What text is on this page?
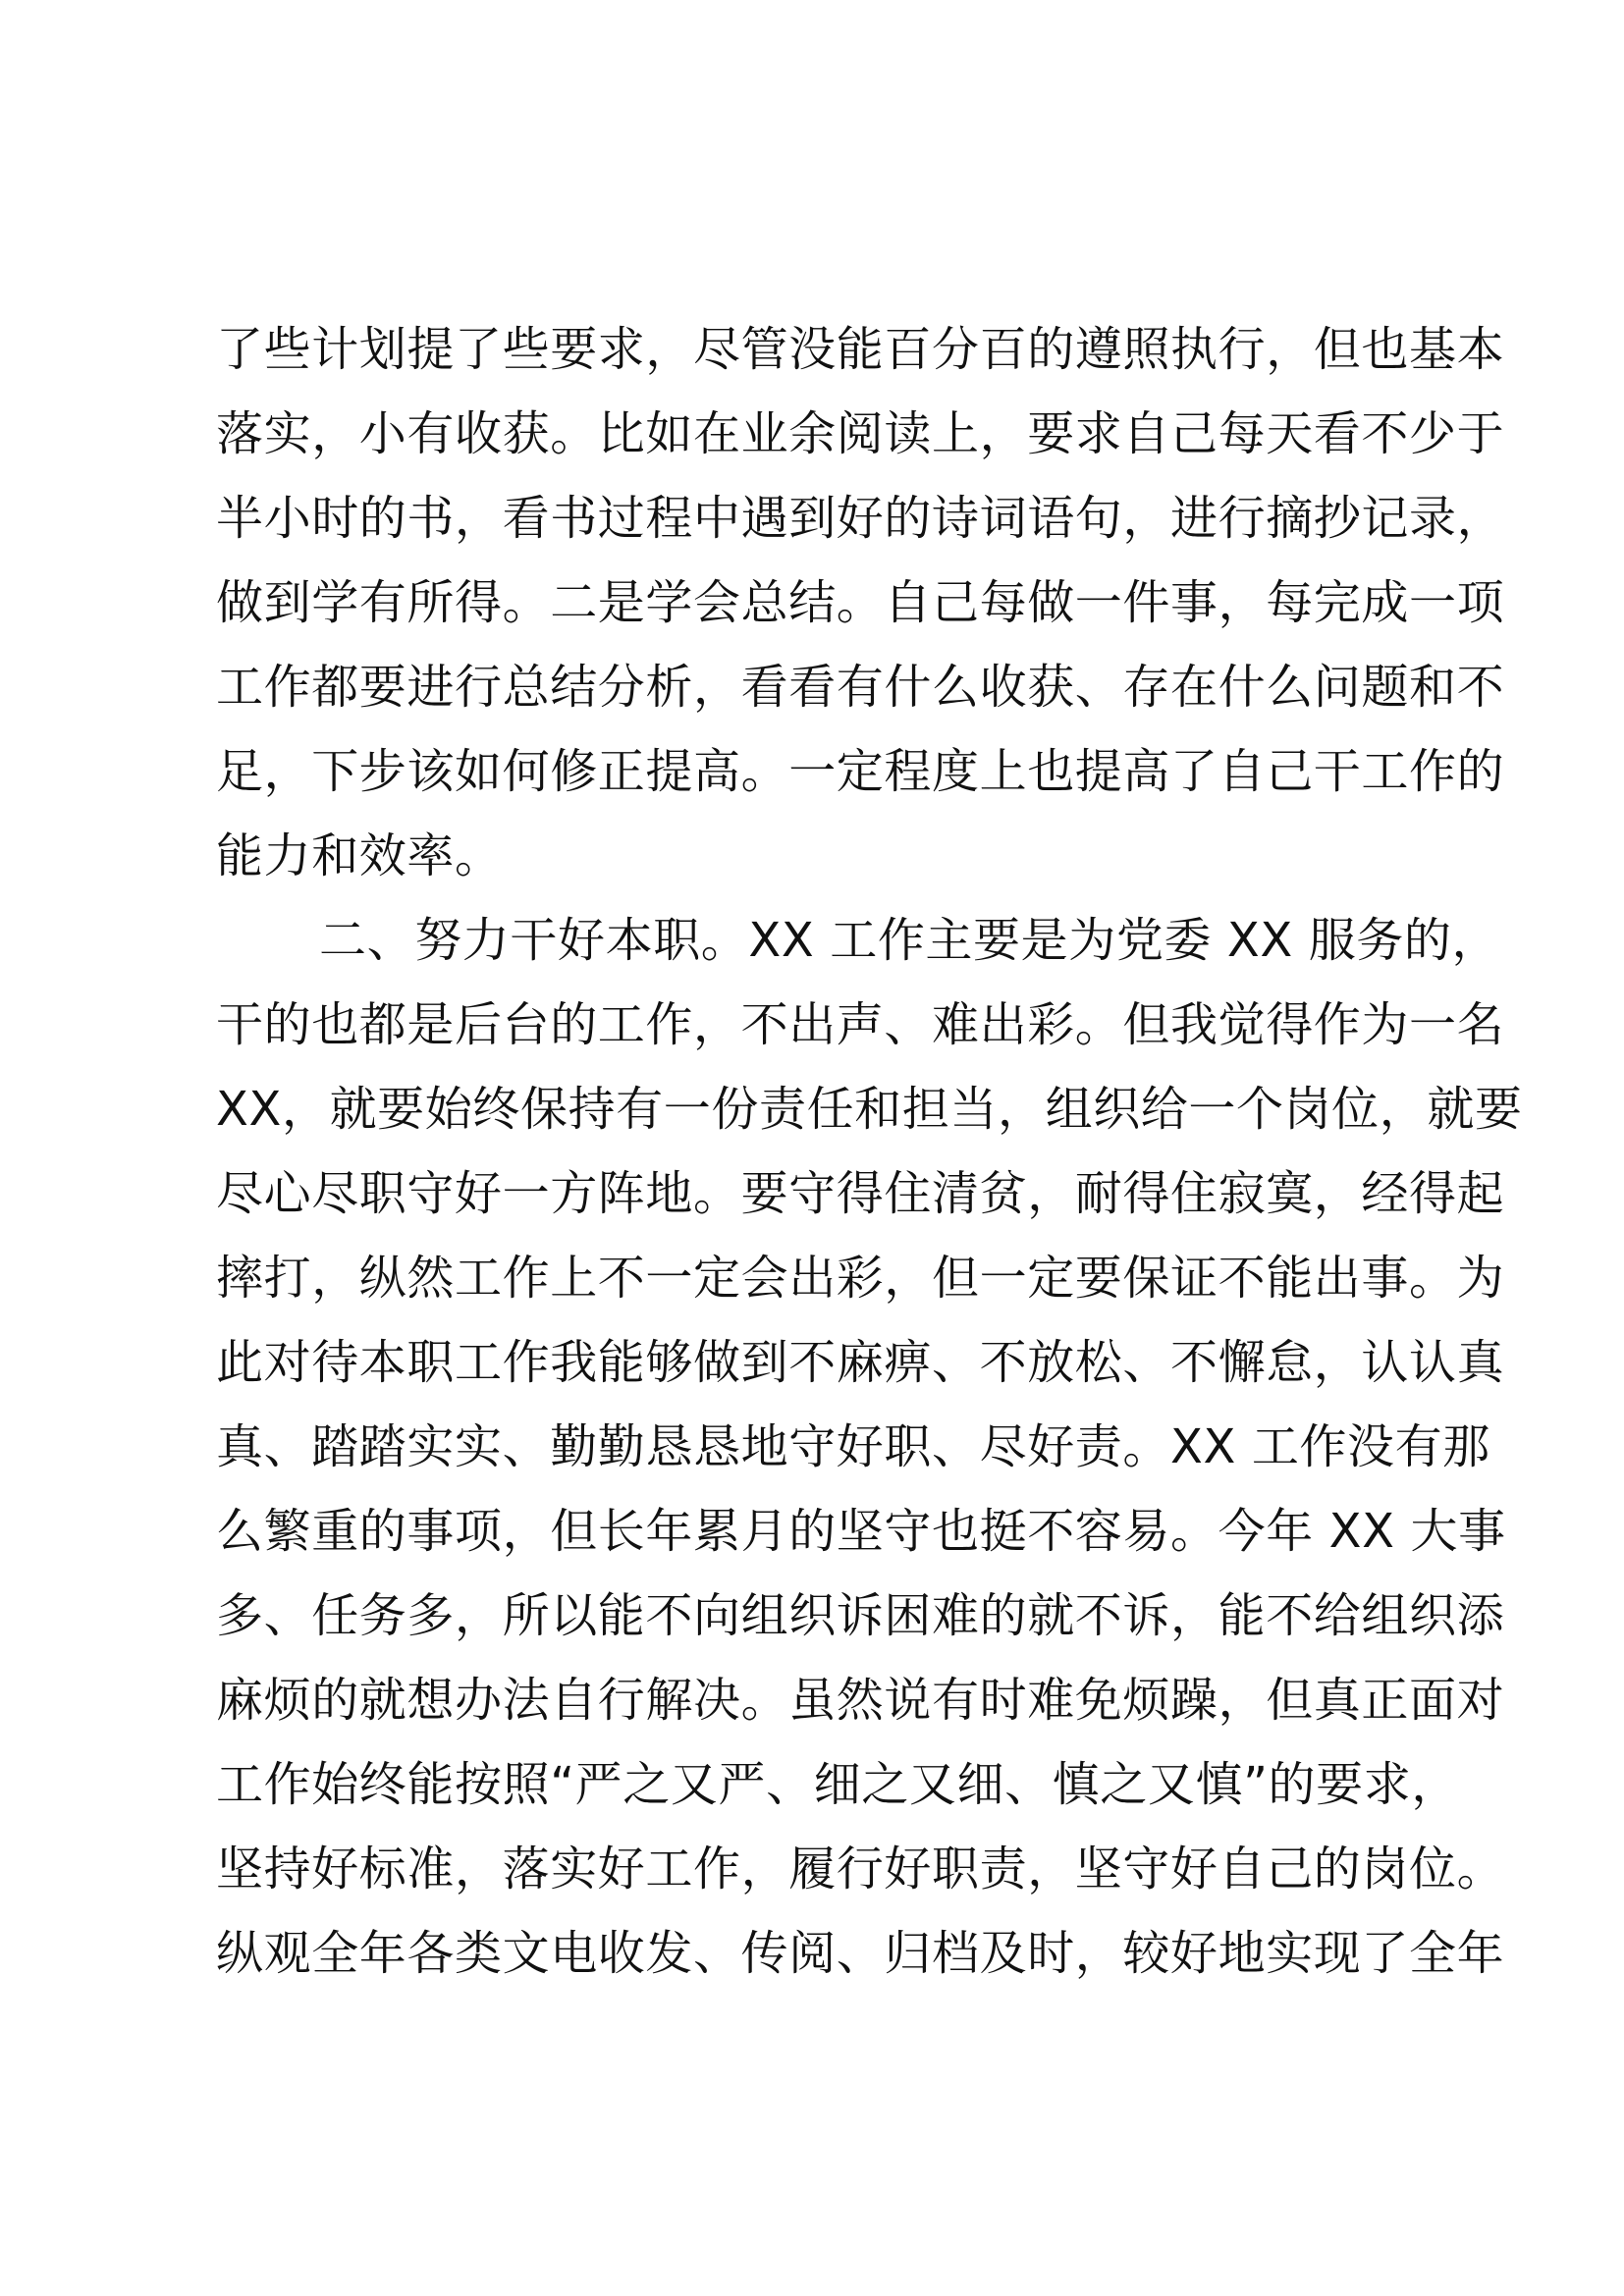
了些计划提了些要求，尽管没能百分百的遵照执行，但也基本
落实，小有收获。比如在业余阅读上，要求自己每天看不少于
半小时的书，看书过程中遇到好的诗词语句，进行摘抄记录，
做到学有所得。二是学会总结。自己每做一件事，每完成一项
工作都要进行总结分析，看看有什么收获、存在什么问题和不
足，下步该如何修正提高。一定程度上也提高了自己干工作的
能力和效率。
二、努力干好本职。XX 工作主要是为党委 XX 服务的，
干的也都是后台的工作，不出声、难出彩。但我觉得作为一名
XX，就要始终保持有一份责任和担当，组织给一个岗位，就要
尽心尽职守好一方阵地。要守得住清贫，耐得住寂寞，经得起
摔打，纵然工作上不一定会出彩，但一定要保证不能出事。为
此对待本职工作我能够做到不麻痹、不放松、不懈怠，认认真
真、踏踏实实、勤勤恳恳地守好职、尽好责。XX 工作没有那
么繁重的事项，但长年累月的坚守也挺不容易。今年 XX 大事
多、任务多，所以能不向组织诉困难的就不诉，能不给组织添
麻烦的就想办法自行解决。虽然说有时难免烦躁，但真正面对
工作始终能按照“严之又严、细之又细、慎之又慎”的要求，
坚持好标准，落实好工作，履行好职责，坚守好自己的岗位。
纵观全年各类文电收发、传阅、归档及时，较好地实现了全年
